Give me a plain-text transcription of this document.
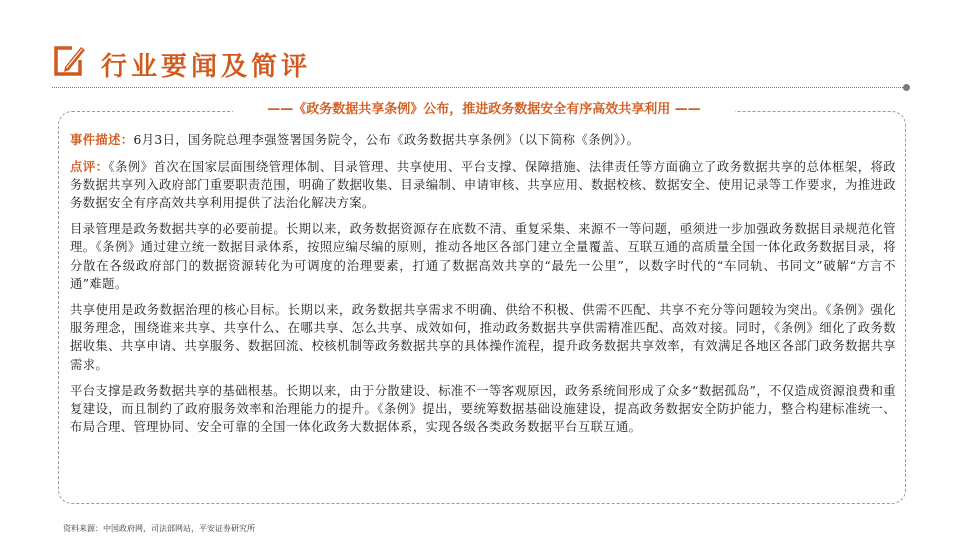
行业要闻及简评
——《政务数据共享条例》公布，推进政务数据安全有序高效共享利用 ——

事件描述：6月3日，国务院总理李强签署国务院令，公布《政务数据共享条例》（以下简称《条例》）。

点评：《条例》首次在国家层面围绕管理体制、目录管理、共享使用、平台支撑、保障措施、法律责任等方面确立了政务数据共享的总体框架，将政务数据共享列入政府部门重要职责范围，明确了数据收集、目录编制、申请审核、共享应用、数据校核、数据安全、使用记录等工作要求，为推进政务数据安全有序高效共享利用提供了法治化解决方案。

目录管理是政务数据共享的必要前提。长期以来，政务数据资源存在底数不清、重复采集、来源不一等问题，亟须进一步加强政务数据目录规范化管理。《条例》通过建立统一数据目录体系，按照应编尽编的原则，推动各地区各部门建立全量覆盖、互联互通的高质量全国一体化政务数据目录，将分散在各级政府部门的数据资源转化为可调度的治理要素，打通了数据高效共享的“最先一公里”，以数字时代的“车同轨、书同文”破解“方言不通”难题。

共享使用是政务数据治理的核心目标。长期以来，政务数据共享需求不明确、供给不积极、供需不匹配、共享不充分等问题较为突出。《条例》强化服务理念，围绕谁来共享、共享什么、在哪共享、怎么共享、成效如何，推动政务数据共享供需精准匹配、高效对接。同时，《条例》细化了政务数据收集、共享申请、共享服务、数据回流、校核机制等政务数据共享的具体操作流程，提升政务数据共享效率，有效满足各地区各部门政务数据共享需求。

平台支撑是政务数据共享的基础根基。长期以来，由于分散建设、标准不一等客观原因，政务系统间形成了众多“数据孤岛”，不仅造成资源浪费和重复建设，而且制约了政府服务效率和治理能力的提升。《条例》提出，要统筹数据基础设施建设，提高政务数据安全防护能力，整合构建标准统一、布局合理、管理协同、安全可靠的全国一体化政务大数据体系，实现各级各类政务数据平台互联互通。

资料来源：中国政府网，司法部网站，平安证券研究所
